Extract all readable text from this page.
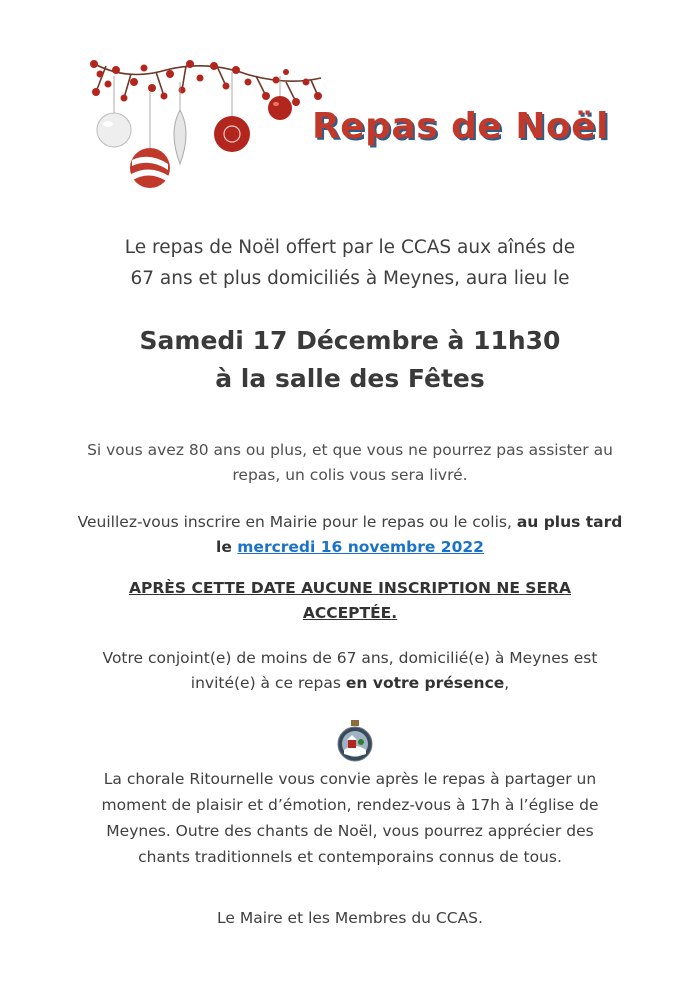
Repas de Noël
Le repas de Noël offert par le CCAS aux aînés de
67 ans et plus domiciliés à Meynes, aura lieu le
Samedi 17 Décembre à 11h30
à la salle des Fêtes
Si vous avez 80 ans ou plus, et que vous ne pourrez pas assister au
repas, un colis vous sera livré.
Veuillez-vous inscrire en Mairie pour le repas ou le colis, au plus tard
le mercredi 16 novembre 2022
APRÈS CETTE DATE AUCUNE INSCRIPTION NE SERA
ACCEPTÉE.
Votre conjoint(e) de moins de 67 ans, domicilié(e) à Meynes est
invité(e) à ce repas en votre présence,
La chorale Ritournelle vous convie après le repas à partager un
moment de plaisir et d’émotion, rendez-vous à 17h à l’église de
Meynes. Outre des chants de Noël, vous pourrez apprécier des
chants traditionnels et contemporains connus de tous.
Le Maire et les Membres du CCAS.
